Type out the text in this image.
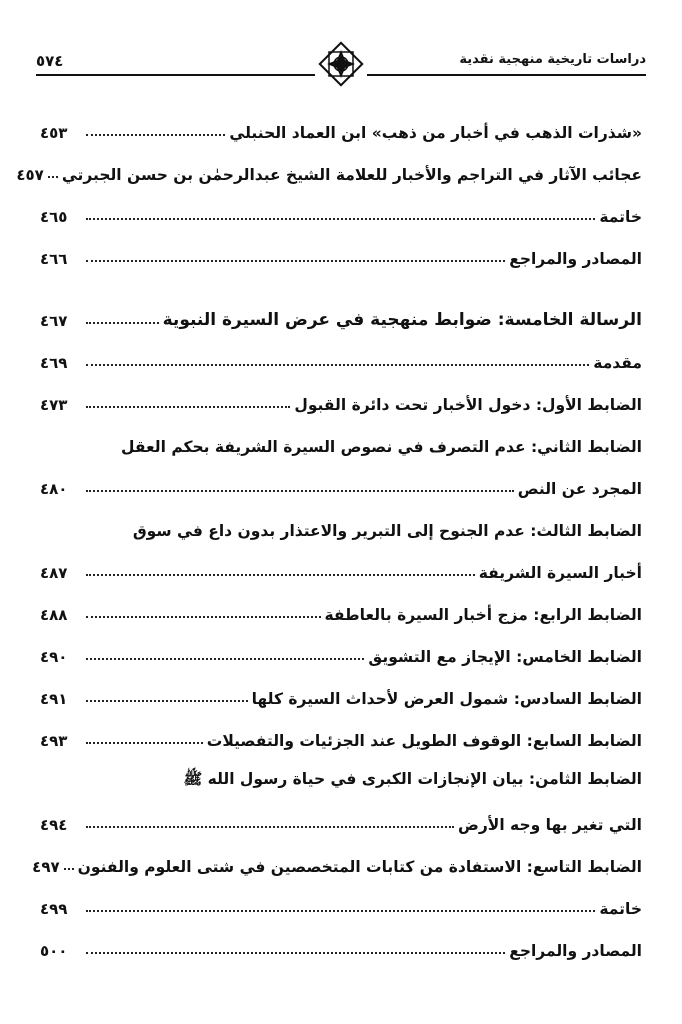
٥٧٤	دراسات تاريخية منهجية نقدية
«شذرات الذهب في أخبار من ذهب» ابن العماد الحنبلي
٤٥٣
عجائب الآثار في التراجم والأخبار للعلامة الشيخ عبدالرحمٰن بن حسن الجبرتي
٤٥٧
خاتمة
٤٦٥
المصادر والمراجع
٤٦٦
الرسالة الخامسة: ضوابط منهجية في عرض السيرة النبوية
٤٦٧
مقدمة
٤٦٩
الضابط الأول: دخول الأخبار تحت دائرة القبول
٤٧٣
الضابط الثاني: عدم التصرف في نصوص السيرة الشريفة بحكم العقل
المجرد عن النص
٤٨٠
الضابط الثالث: عدم الجنوح إلى التبرير والاعتذار بدون داع في سوق
أخبار السيرة الشريفة
٤٨٧
الضابط الرابع: مزج أخبار السيرة بالعاطفة
٤٨٨
الضابط الخامس: الإيجاز مع التشويق
٤٩٠
الضابط السادس: شمول العرض لأحداث السيرة كلها
٤٩١
الضابط السابع: الوقوف الطويل عند الجزئيات والتفصيلات
٤٩٣
الضابط الثامن: بيان الإنجازات الكبرى في حياة رسول الله ﷺ
التي تغير بها وجه الأرض
٤٩٤
الضابط التاسع: الاستفادة من كتابات المتخصصين في شتى العلوم والفنون
٤٩٧
خاتمة
٤٩٩
المصادر والمراجع
٥٠٠
